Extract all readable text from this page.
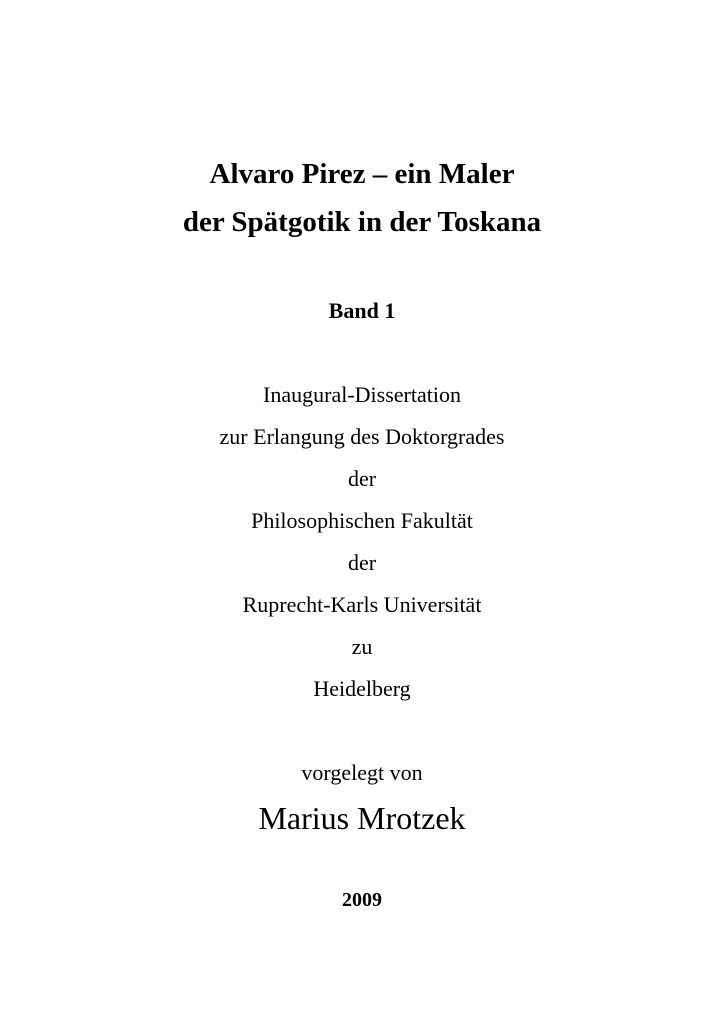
Alvaro Pirez – ein Maler
der Spätgotik in der Toskana
Band 1
Inaugural-Dissertation
zur Erlangung des Doktorgrades
der
Philosophischen Fakultät
der
Ruprecht-Karls Universität
zu
Heidelberg
vorgelegt von
Marius Mrotzek
2009
